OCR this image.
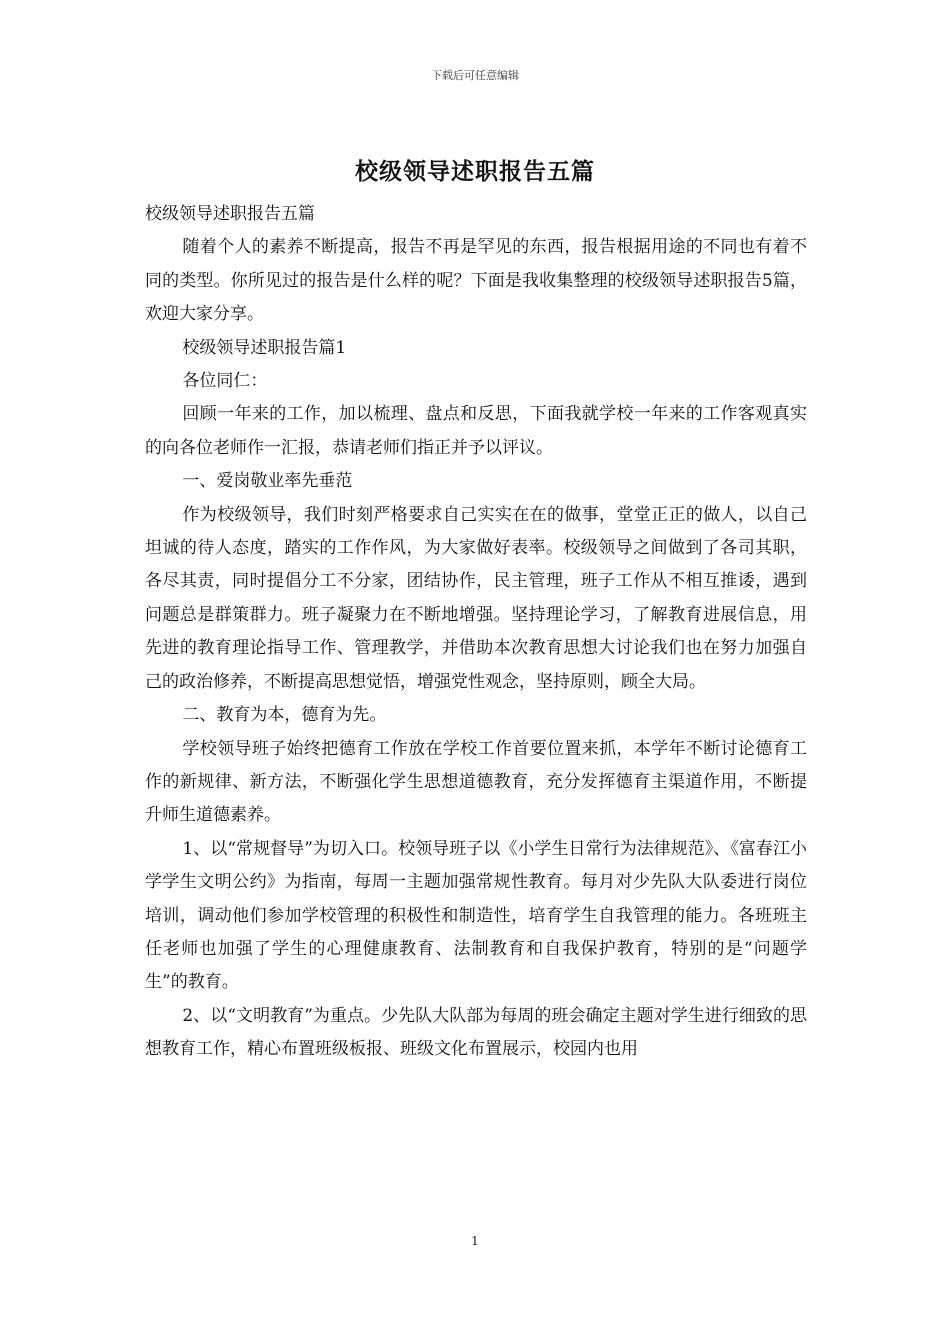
下载后可任意编辑
校级领导述职报告五篇

校级领导述职报告五篇

随着个人的素养不断提高，报告不再是罕见的东西，报告根据用途的不同也有着不同的类型。你所见过的报告是什么样的呢？下面是我收集整理的校级领导述职报告5篇，欢迎大家分享。

校级领导述职报告篇1

各位同仁：

回顾一年来的工作，加以梳理、盘点和反思，下面我就学校一年来的工作客观真实的向各位老师作一汇报，恭请老师们指正并予以评议。

一、爱岗敬业率先垂范

作为校级领导，我们时刻严格要求自己实实在在的做事，堂堂正正的做人，以自己坦诚的待人态度，踏实的工作作风，为大家做好表率。校级领导之间做到了各司其职，各尽其责，同时提倡分工不分家，团结协作，民主管理，班子工作从不相互推诿，遇到问题总是群策群力。班子凝聚力在不断地增强。坚持理论学习，了解教育进展信息，用先进的教育理论指导工作、管理教学，并借助本次教育思想大讨论我们也在努力加强自己的政治修养，不断提高思想觉悟，增强党性观念，坚持原则，顾全大局。

二、教育为本，德育为先。

学校领导班子始终把德育工作放在学校工作首要位置来抓，本学年不断讨论德育工作的新规律、新方法，不断强化学生思想道德教育，充分发挥德育主渠道作用，不断提升师生道德素养。

1、以“常规督导”为切入口。校领导班子以《小学生日常行为法律规范》、《富春江小学学生文明公约》为指南，每周一主题加强常规性教育。每月对少先队大队委进行岗位培训，调动他们参加学校管理的积极性和制造性，培育学生自我管理的能力。各班班主任老师也加强了学生的心理健康教育、法制教育和自我保护教育，特别的是“问题学生”的教育。

2、以“文明教育”为重点。少先队大队部为每周的班会确定主题对学生进行细致的思想教育工作，精心布置班级板报、班级文化布置展示，校园内也用

1
